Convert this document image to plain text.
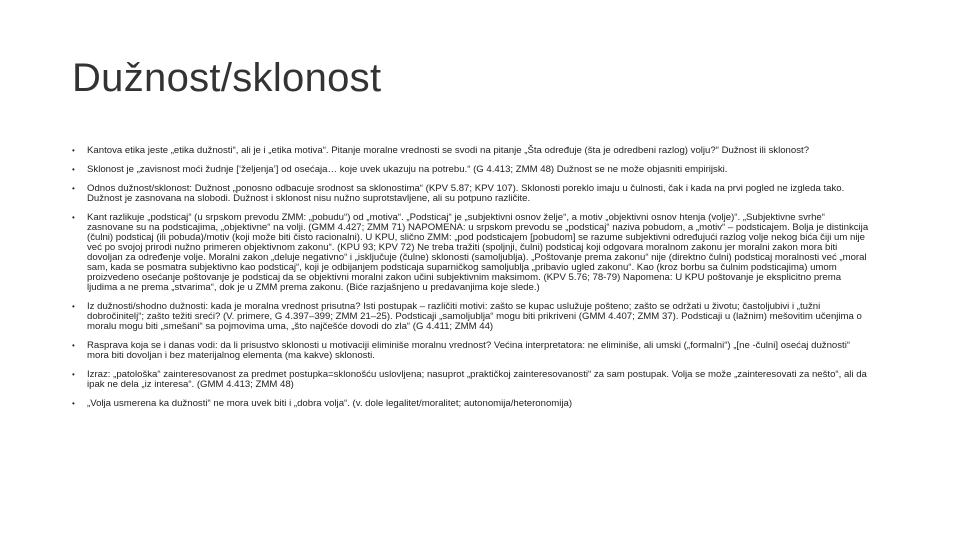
Dužnost/sklonost
• Kantova etika jeste „etika dužnosti“, ali je i „etika motiva“. Pitanje moralne vrednosti se svodi na pitanje „Šta određuje (šta je odredbeni razlog) volju?“ Dužnost ili sklonost?
• Sklonost je „zavisnost moći žudnje [‘željenja’] od osećaja… koje uvek ukazuju na potrebu.“ (G 4.413; ZMM 48) Dužnost se ne može objasniti empirijski.
• Odnos dužnost/sklonost: Dužnost „ponosno odbacuje srodnost sa sklonostima“ (KPV 5.87; KPV 107). Sklonosti poreklo imaju u čulnosti, čak i kada na prvi pogled ne izgleda tako. Dužnost je zasnovana na slobodi. Dužnost i sklonost nisu nužno suprotstavljene, ali su potpuno različite.
• Kant razlikuje „podsticaj“ (u srpskom prevodu ZMM: „pobudu“) od „motiva“. „Podsticaj“ je „subjektivni osnov želje“, a motiv „objektivni osnov htenja (volje)“. „Subjektivne svrhe“ zasnovane su na podsticajima, „objektivne“ na volji. (GMM 4.427; ZMM 71) NAPOMENA: u srpskom prevodu se „podsticaj“ naziva pobudom, a „motiv“ – podsticajem. Bolja je distinkcija (čulni) podsticaj (ili pobuda)/motiv (koji može biti čisto racionalni). U KPU, slično ZMM: „pod podsticajem [pobudom] se razume subjektivni određujući razlog volje nekog bića čiji um nije već po svojoj prirodi nužno primeren objektivnom zakonu“. (KPU 93; KPV 72) Ne treba tražiti (spoljnji, čulni) podsticaj koji odgovara moralnom zakonu jer moralni zakon mora biti dovoljan za određenje volje. Moralni zakon „deluje negativno“ i „isključuje (čulne) sklonosti (samoljublja). „Poštovanje prema zakonu“ nije (direktno čulni) podsticaj moralnosti već „moral sam, kada se posmatra subjektivno kao podsticaj“, koji je odbijanjem podsticaja suparničkog samoljublja „pribavio ugled zakonu“. Kao (kroz borbu sa čulnim podsticajima) umom proizvedeno osećanje poštovanje je podsticaj da se objektivni moralni zakon učini subjektivnim maksimom. (KPV 5.76; 78-79) Napomena: U KPU poštovanje je eksplicitno prema ljudima a ne prema „stvarima“, dok je u ZMM prema zakonu. (Biće razjašnjeno u predavanjima koje slede.)
• Iz dužnosti/shodno dužnosti: kada je moralna vrednost prisutna? Isti postupak – različiti motivi: zašto se kupac uslužuje pošteno; zašto se održati u životu; častoljubivi i „tužni dobročinitelj“; zašto težiti sreći? (V. primere, G 4.397–399; ZMM 21–25). Podsticaji „samoljublja“ mogu biti prikriveni (GMM 4.407; ZMM 37). Podsticaji u (lažnim) mešovitim učenjima o moralu mogu biti „smešani“ sa pojmovima uma, „što najčešće dovodi do zla“ (G 4.411; ZMM 44)
• Rasprava koja se i danas vodi: da li prisustvo sklonosti u motivaciji eliminiše moralnu vrednost? Većina interpretatora: ne eliminiše, ali umski („formalni“) „[ne -čulni] osećaj dužnosti“ mora biti dovoljan i bez materijalnog elementa (ma kakve) sklonosti.
• Izraz: „patološka“ zainteresovanost za predmet postupka=sklonošću uslovljena; nasuprot „praktičkoj zainteresovanosti“ za sam postupak. Volja se može „zainteresovati za nešto“, ali da ipak ne dela „iz interesa“. (GMM 4.413; ZMM 48)
• „Volja usmerena ka dužnosti“ ne mora uvek biti i „dobra volja“. (v. dole legalitet/moralitet; autonomija/heteronomija)
